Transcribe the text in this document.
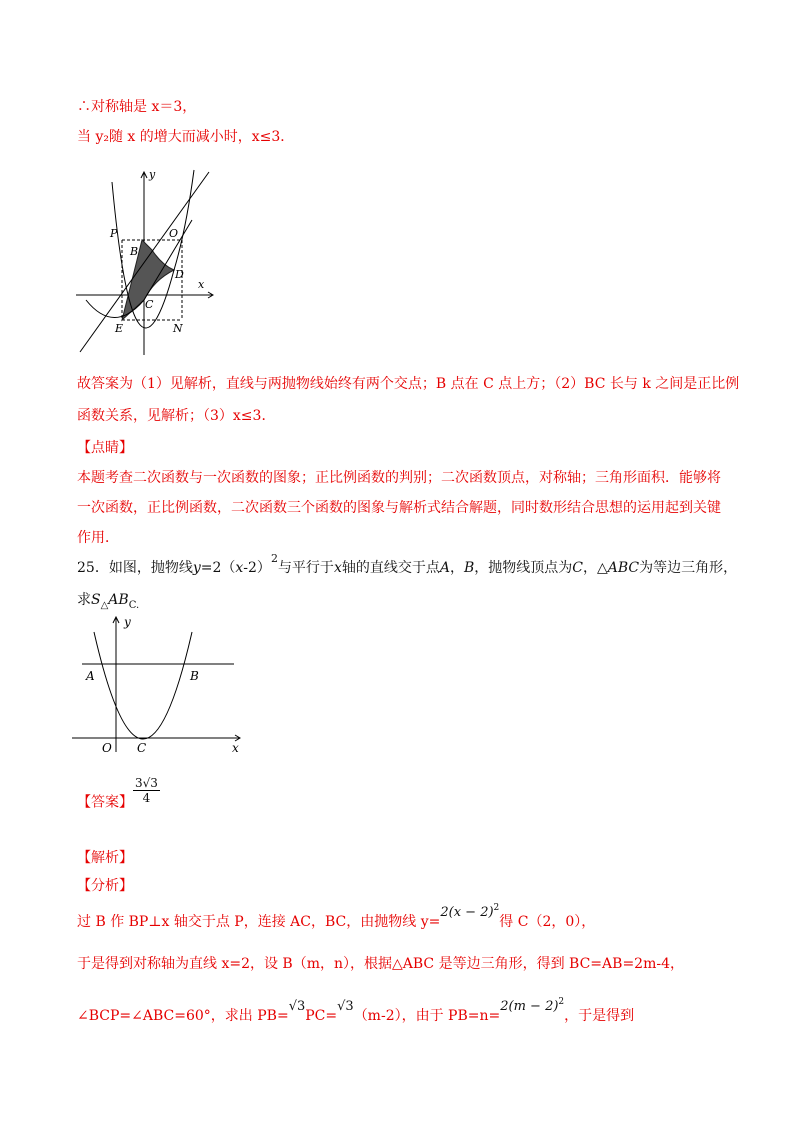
∴对称轴是 x＝3，
当 y₂随 x 的增大而减小时，x≤3．
P	O
y
B
D
x
C
E	N
故答案为（1）见解析，直线与两抛物线始终有两个交点；B 点在 C 点上方；（2）BC 长与 k 之间是正比例
函数关系，见解析；（3）x≤3．
【点睛】
本题考查二次函数与一次函数的图象；正比例函数的判别；二次函数顶点，对称轴；三角形面积．能够将
一次函数，正比例函数，二次函数三个函数的图象与解析式结合解题，同时数形结合思想的运用起到关键
作用．
25．如图，抛物线$y=2(x-2)^2$与平行于x轴的直线交于点A，B，抛物线顶点为C，△ABC为等边三角形，
求$S_\triangle AB_{C.}$
y
A	B
O C	x
【答案】 $\frac{3√3}{4}$
【解析】
【分析】
过 B 作 BP⊥x 轴交于点 P，连接 AC，BC，由抛物线 $y=2(x - 2)^2$得 C（2，0），
于是得到对称轴为直线 x=2，设 B（m，n），根据△ABC 是等边三角形，得到 BC=AB=2m-4，
∠BCP=∠ABC=60°，求出 PB=√3PC=√3（m-2），由于 $PB=n=2(m - 2)^2$，于是得到
